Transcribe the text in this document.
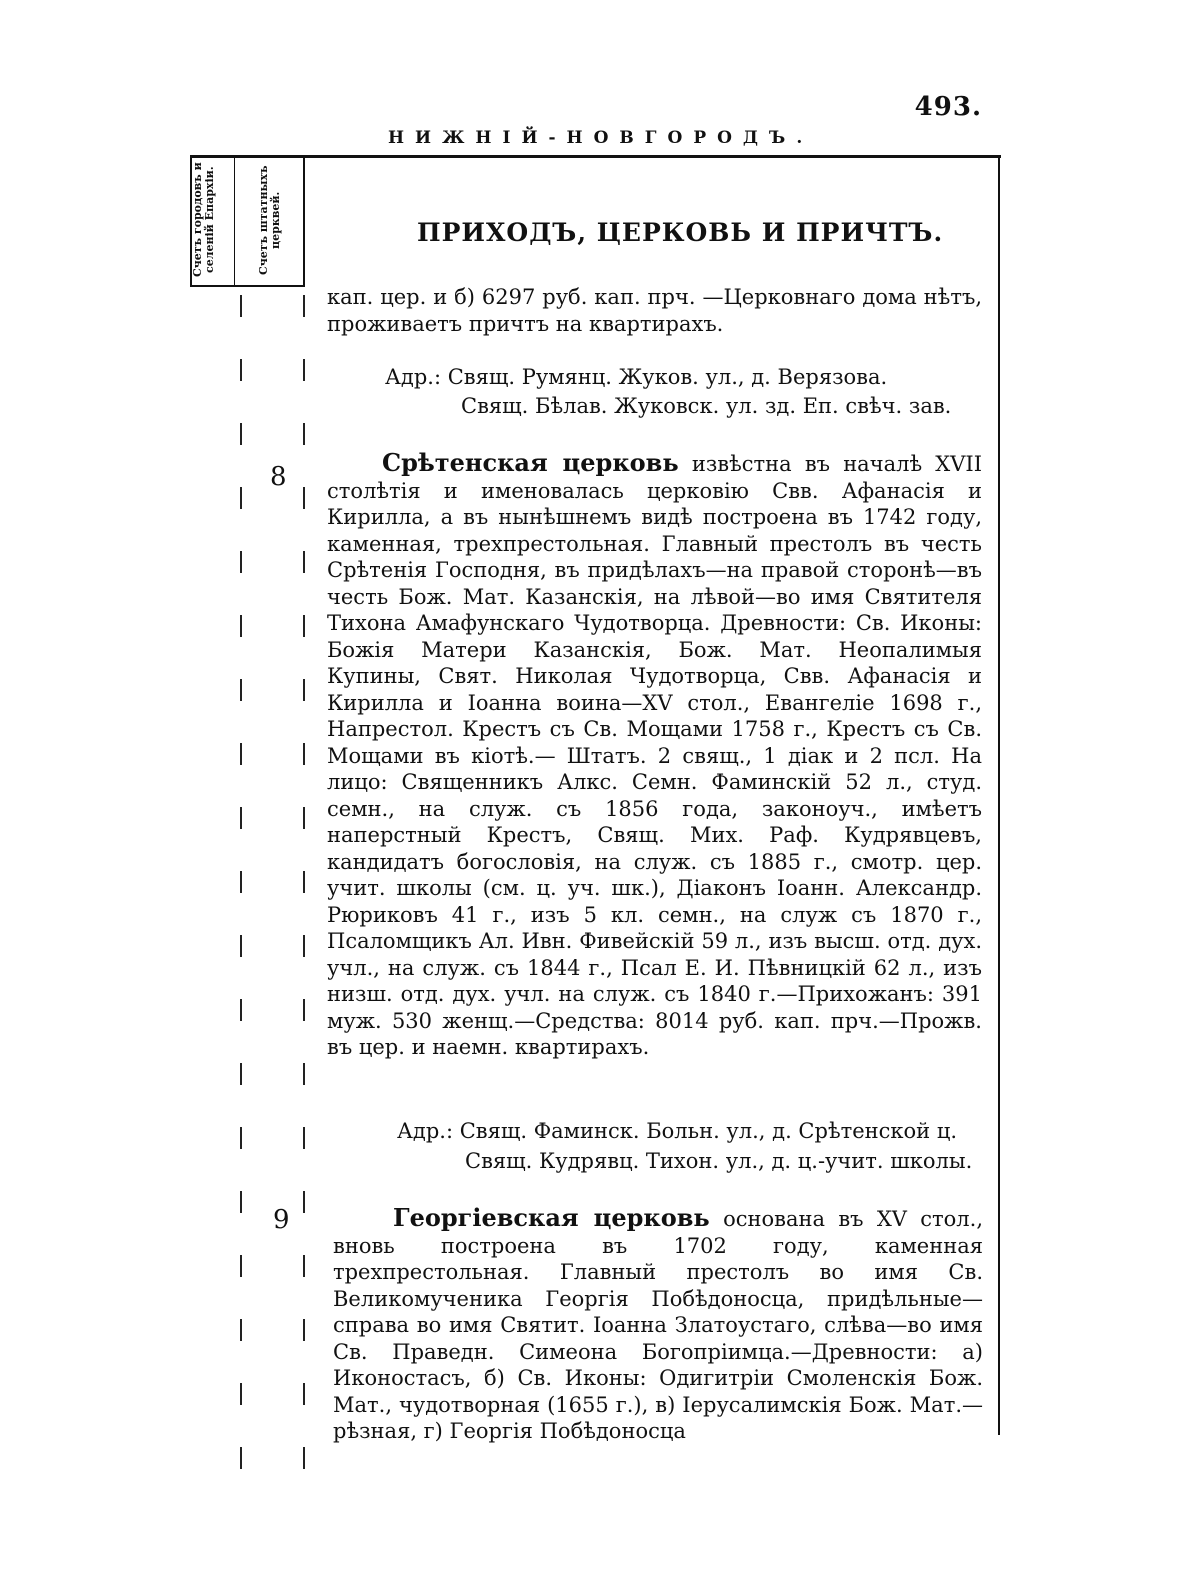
493.
НИЖНІЙ-НОВГОРОДЪ.
Счетъ городовъ и селеній Епархіи.	Счетъ штатныхъ церквей.	ПРИХОДЪ, ЦЕРКОВЬ И ПРИЧТЪ.
кап. цер. и б) 6297 руб. кап. прч. —Церковнаго дома нѣтъ, проживаетъ причтъ на квартирахъ.
Адр.: Свящ. Румянц. Жуков. ул., д. Верязова.
Свящ. Бѣлав. Жуковск. ул. зд. Еп. свѣч. зав.
8	Срѣтенская церковь извѣстна въ началѣ XVII столѣтія и именовалась церковію Свв. Афанасія и Кирилла, а въ нынѣшнемъ видѣ построена въ 1742 году, каменная, трехпрестольная. Главный престолъ въ честь Срѣтенія Господня, въ придѣлахъ—на правой сторонѣ—въ честь Бож. Мат. Казанскія, на лѣвой—во имя Святителя Тихона Амафунскаго Чудотворца. Древности: Св. Иконы: Божія Матери Казанскія, Бож. Мат. Неопалимыя Купины, Свят. Николая Чудотворца, Свв. Афанасія и Кирилла и Іоанна воина—XV стол., Евангеліе 1698 г., Напрестол. Крестъ съ Св. Мощами 1758 г., Крестъ съ Св. Мощами въ кіотѣ.— Штатъ. 2 свящ., 1 діак и 2 псл. На лицо: Священникъ Алкс. Семн. Фаминскій 52 л., студ. семн., на служ. съ 1856 года, законоуч., имѣетъ наперстный Крестъ, Свящ. Мих. Раф. Кудрявцевъ, кандидатъ богословія, на служ. съ 1885 г., смотр. цер. учит. школы (см. ц. уч. шк.), Діаконъ Іоанн. Александр. Рюриковъ 41 г., изъ 5 кл. семн., на служ съ 1870 г., Псаломщикъ Ал. Ивн. Фивейскій 59 л., изъ высш. отд. дух. учл., на служ. съ 1844 г., Псал Е. И. Пѣвницкій 62 л., изъ низш. отд. дух. учл. на служ. съ 1840 г.—Прихожанъ: 391 муж. 530 женщ.—Средства: 8014 руб. кап. прч.—Прожв. въ цер. и наемн. квартирахъ.
Адр.: Свящ. Фаминск. Больн. ул., д. Срѣтенской ц.
Свящ. Кудрявц. Тихон. ул., д. ц.-учит. школы.
9	Георгіевская церковь основана въ XV стол., вновь построена въ 1702 году, каменная трехпрестольная. Главный престолъ во имя Св. Великомученика Георгія Побѣдоносца, придѣльные—справа во имя Святит. Іоанна Златоустаго, слѣва—во имя Св. Праведн. Симеона Богопріимца.—Древности: а) Иконостасъ, б) Св. Иконы: Одигитріи Смоленскія Бож. Мат., чудотворная (1655 г.), в) Іерусалимскія Бож. Мат.—рѣзная, г) Георгія Побѣдоносца
